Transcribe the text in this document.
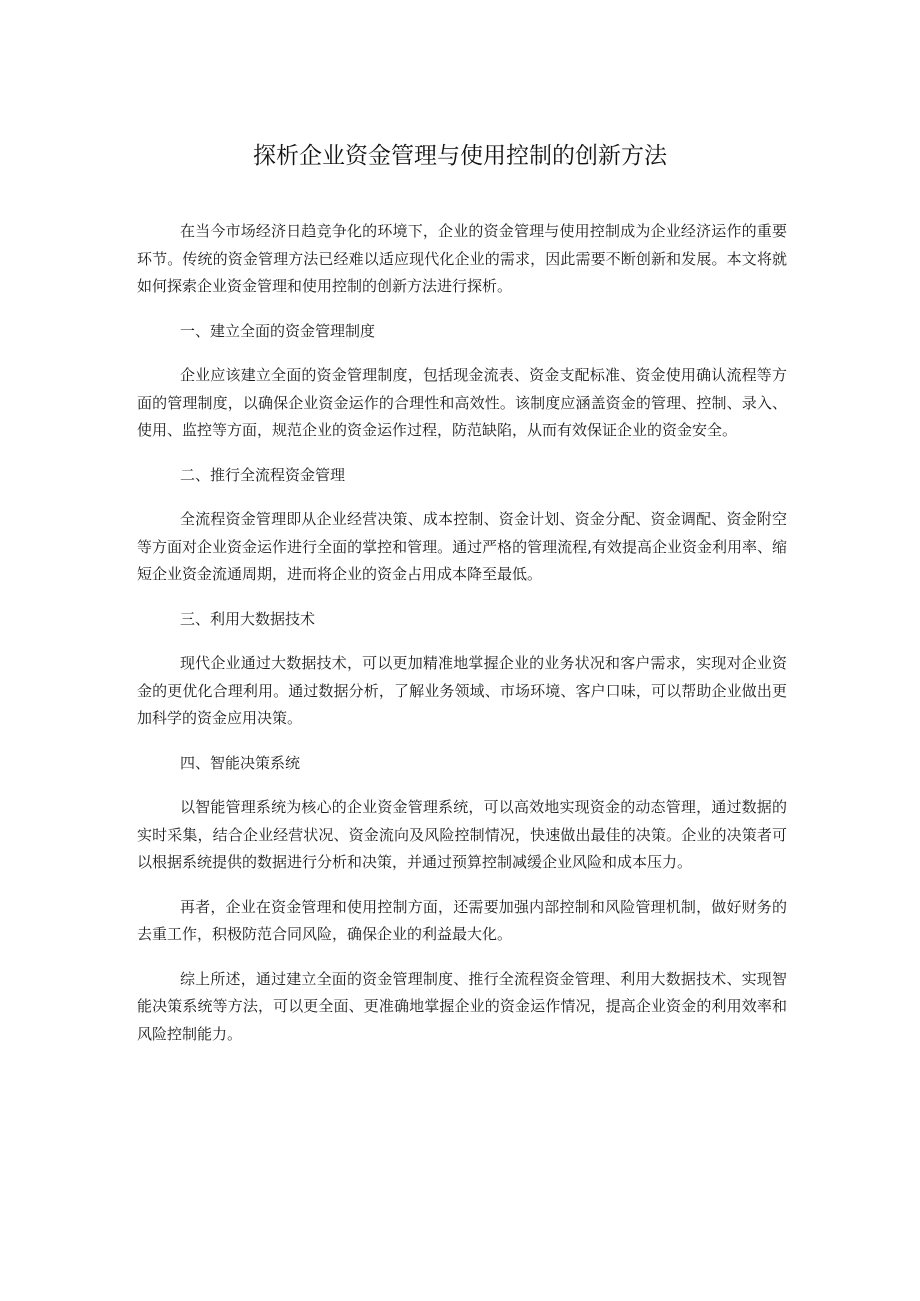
探析企业资金管理与使用控制的创新方法

在当今市场经济日趋竞争化的环境下，企业的资金管理与使用控制成为企业经济运作的重要环节。传统的资金管理方法已经难以适应现代化企业的需求，因此需要不断创新和发展。本文将就如何探索企业资金管理和使用控制的创新方法进行探析。

一、建立全面的资金管理制度

企业应该建立全面的资金管理制度，包括现金流表、资金支配标准、资金使用确认流程等方面的管理制度，以确保企业资金运作的合理性和高效性。该制度应涵盖资金的管理、控制、录入、使用、监控等方面，规范企业的资金运作过程，防范缺陷，从而有效保证企业的资金安全。

二、推行全流程资金管理

全流程资金管理即从企业经营决策、成本控制、资金计划、资金分配、资金调配、资金附空等方面对企业资金运作进行全面的掌控和管理。通过严格的管理流程,有效提高企业资金利用率、缩短企业资金流通周期，进而将企业的资金占用成本降至最低。

三、利用大数据技术

现代企业通过大数据技术，可以更加精准地掌握企业的业务状况和客户需求，实现对企业资金的更优化合理利用。通过数据分析，了解业务领域、市场环境、客户口味，可以帮助企业做出更加科学的资金应用决策。

四、智能决策系统

以智能管理系统为核心的企业资金管理系统，可以高效地实现资金的动态管理，通过数据的实时采集，结合企业经营状况、资金流向及风险控制情况，快速做出最佳的决策。企业的决策者可以根据系统提供的数据进行分析和决策，并通过预算控制减缓企业风险和成本压力。

再者，企业在资金管理和使用控制方面，还需要加强内部控制和风险管理机制，做好财务的去重工作，积极防范合同风险，确保企业的利益最大化。

综上所述，通过建立全面的资金管理制度、推行全流程资金管理、利用大数据技术、实现智能决策系统等方法，可以更全面、更准确地掌握企业的资金运作情况，提高企业资金的利用效率和风险控制能力。
